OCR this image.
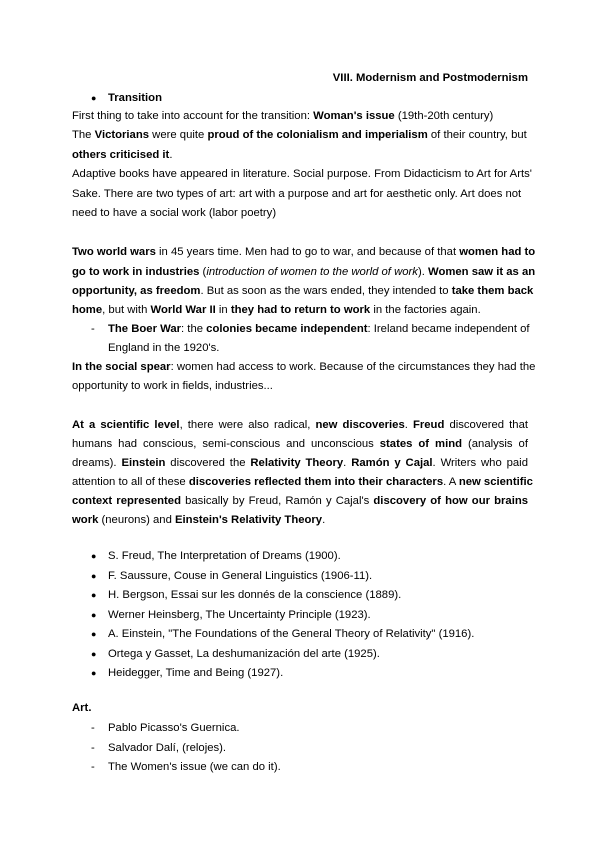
VIII. Modernism and Postmodernism
● Transition
First thing to take into account for the transition: Woman's issue (19th-20th century)
The Victorians were quite proud of the colonialism and imperialism of their country, but
others criticised it.
Adaptive books have appeared in literature. Social purpose. From Didacticism to Art for Arts'
Sake. There are two types of art: art with a purpose and art for aesthetic only. Art does not
need to have a social work (labor poetry)
Two world wars in 45 years time. Men had to go to war, and because of that women had to
go to work in industries (introduction of women to the world of work). Women saw it as an
opportunity, as freedom. But as soon as the wars ended, they intended to take them back
home, but with World War II in they had to return to work in the factories again.
- The Boer War: the colonies became independent: Ireland became independent of
England in the 1920's.
In the social spear: women had access to work. Because of the circumstances they had the
opportunity to work in fields, industries...
At a scientific level, there were also radical, new discoveries. Freud discovered that
humans had conscious, semi-conscious and unconscious states of mind (analysis of
dreams). Einstein discovered the Relativity Theory. Ramón y Cajal. Writers who paid
attention to all of these discoveries reflected them into their characters. A new scientific
context represented basically by Freud, Ramón y Cajal's discovery of how our brains
work (neurons) and Einstein's Relativity Theory.
● S. Freud, The Interpretation of Dreams (1900).
● F. Saussure, Couse in General Linguistics (1906-11).
● H. Bergson, Essai sur les donnés de la conscience (1889).
● Werner Heinsberg, The Uncertainty Principle (1923).
● A. Einstein, "The Foundations of the General Theory of Relativity" (1916).
● Ortega y Gasset, La deshumanización del arte (1925).
● Heidegger, Time and Being (1927).
Art.
- Pablo Picasso's Guernica.
- Salvador Dalí, (relojes).
- The Women's issue (we can do it).
